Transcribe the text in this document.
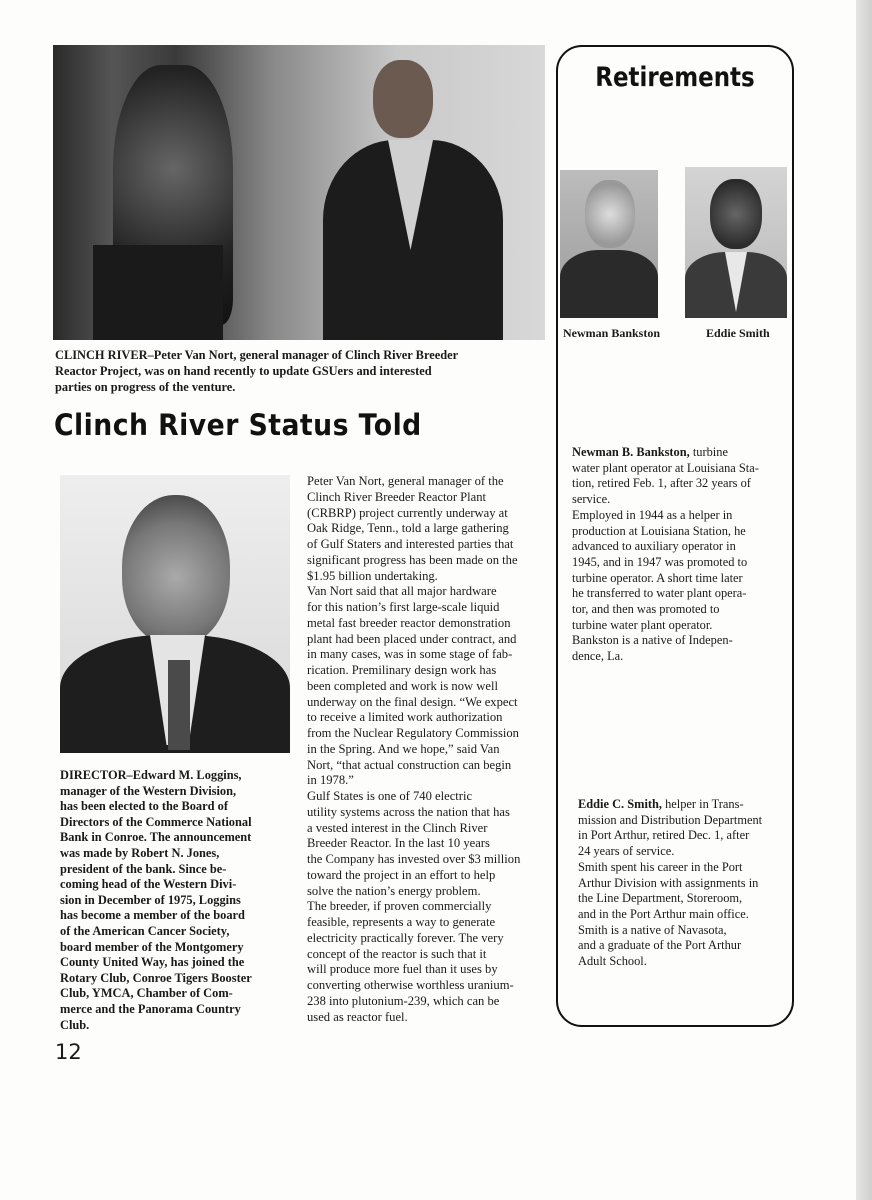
CLINCH RIVER–Peter Van Nort, general manager of Clinch River Breeder
Reactor Project, was on hand recently to update GSUers and interested
parties on progress of the venture.
Clinch River Status Told
DIRECTOR–Edward M. Loggins,
manager of the Western Division,
has been elected to the Board of
Directors of the Commerce National
Bank in Conroe. The announcement
was made by Robert N. Jones,
president of the bank. Since be-
coming head of the Western Divi-
sion in December of 1975, Loggins
has become a member of the board
of the American Cancer Society,
board member of the Montgomery
County United Way, has joined the
Rotary Club, Conroe Tigers Booster
Club, YMCA, Chamber of Com-
merce and the Panorama Country
Club.
Peter Van Nort, general manager of the
Clinch River Breeder Reactor Plant
(CRBRP) project currently underway at
Oak Ridge, Tenn., told a large gathering
of Gulf Staters and interested parties that
significant progress has been made on the
$1.95 billion undertaking.
Van Nort said that all major hardware
for this nation’s first large-scale liquid
metal fast breeder reactor demonstration
plant had been placed under contract, and
in many cases, was in some stage of fab-
rication. Premilinary design work has
been completed and work is now well
underway on the final design. “We expect
to receive a limited work authorization
from the Nuclear Regulatory Commission
in the Spring. And we hope,” said Van
Nort, “that actual construction can begin
in 1978.”
Gulf States is one of 740 electric
utility systems across the nation that has
a vested interest in the Clinch River
Breeder Reactor. In the last 10 years
the Company has invested over $3 million
toward the project in an effort to help
solve the nation’s energy problem.
The breeder, if proven commercially
feasible, represents a way to generate
electricity practically forever. The very
concept of the reactor is such that it
will produce more fuel than it uses by
converting otherwise worthless uranium-
238 into plutonium-239, which can be
used as reactor fuel.
12
Retirements
Newman Bankston	Eddie Smith
Newman B. Bankston, turbine
water plant operator at Louisiana Sta-
tion, retired Feb. 1, after 32 years of
service.
Employed in 1944 as a helper in
production at Louisiana Station, he
advanced to auxiliary operator in
1945, and in 1947 was promoted to
turbine operator. A short time later
he transferred to water plant opera-
tor, and then was promoted to
turbine water plant operator.
Bankston is a native of Indepen-
dence, La.
Eddie C. Smith, helper in Trans-
mission and Distribution Department
in Port Arthur, retired Dec. 1, after
24 years of service.
Smith spent his career in the Port
Arthur Division with assignments in
the Line Department, Storeroom,
and in the Port Arthur main office.
Smith is a native of Navasota,
and a graduate of the Port Arthur
Adult School.
